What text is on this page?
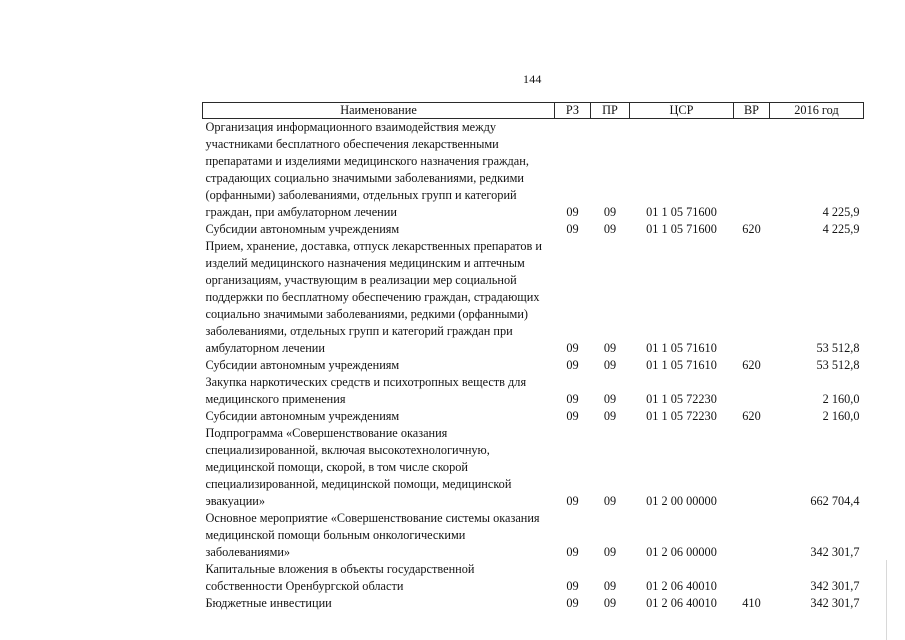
144
Наименование	РЗ	ПР	ЦСР	ВР	2016 год
Организация информационного взаимодействия между участниками бесплатного обеспечения лекарственными препаратами и изделиями медицинского назначения граждан, страдающих социально значимыми заболеваниями, редкими (орфанными) заболеваниями, отдельных групп и категорий граждан, при амбулаторном лечении	09	09	01 1 05 71600		4 225,9
Субсидии автономным учреждениям	09	09	01 1 05 71600	620	4 225,9
Прием, хранение, доставка, отпуск лекарственных препаратов и изделий медицинского назначения медицинским и аптечным организациям, участвующим в реализации мер социальной поддержки по бесплатному обеспечению граждан, страдающих социально значимыми заболеваниями, редкими (орфанными) заболеваниями, отдельных групп и категорий граждан при амбулаторном лечении	09	09	01 1 05 71610		53 512,8
Субсидии автономным учреждениям	09	09	01 1 05 71610	620	53 512,8
Закупка наркотических средств и психотропных веществ для медицинского применения	09	09	01 1 05 72230		2 160,0
Субсидии автономным учреждениям	09	09	01 1 05 72230	620	2 160,0
Подпрограмма «Совершенствование оказания специализированной, включая высокотехнологичную, медицинской помощи, скорой, в том числе скорой специализированной, медицинской помощи, медицинской эвакуации»	09	09	01 2 00 00000		662 704,4
Основное мероприятие «Совершенствование системы оказания медицинской помощи больным онкологическими заболеваниями»	09	09	01 2 06 00000		342 301,7
Капитальные вложения в объекты государственной собственности Оренбургской области	09	09	01 2 06 40010		342 301,7
Бюджетные инвестиции	09	09	01 2 06 40010	410	342 301,7
